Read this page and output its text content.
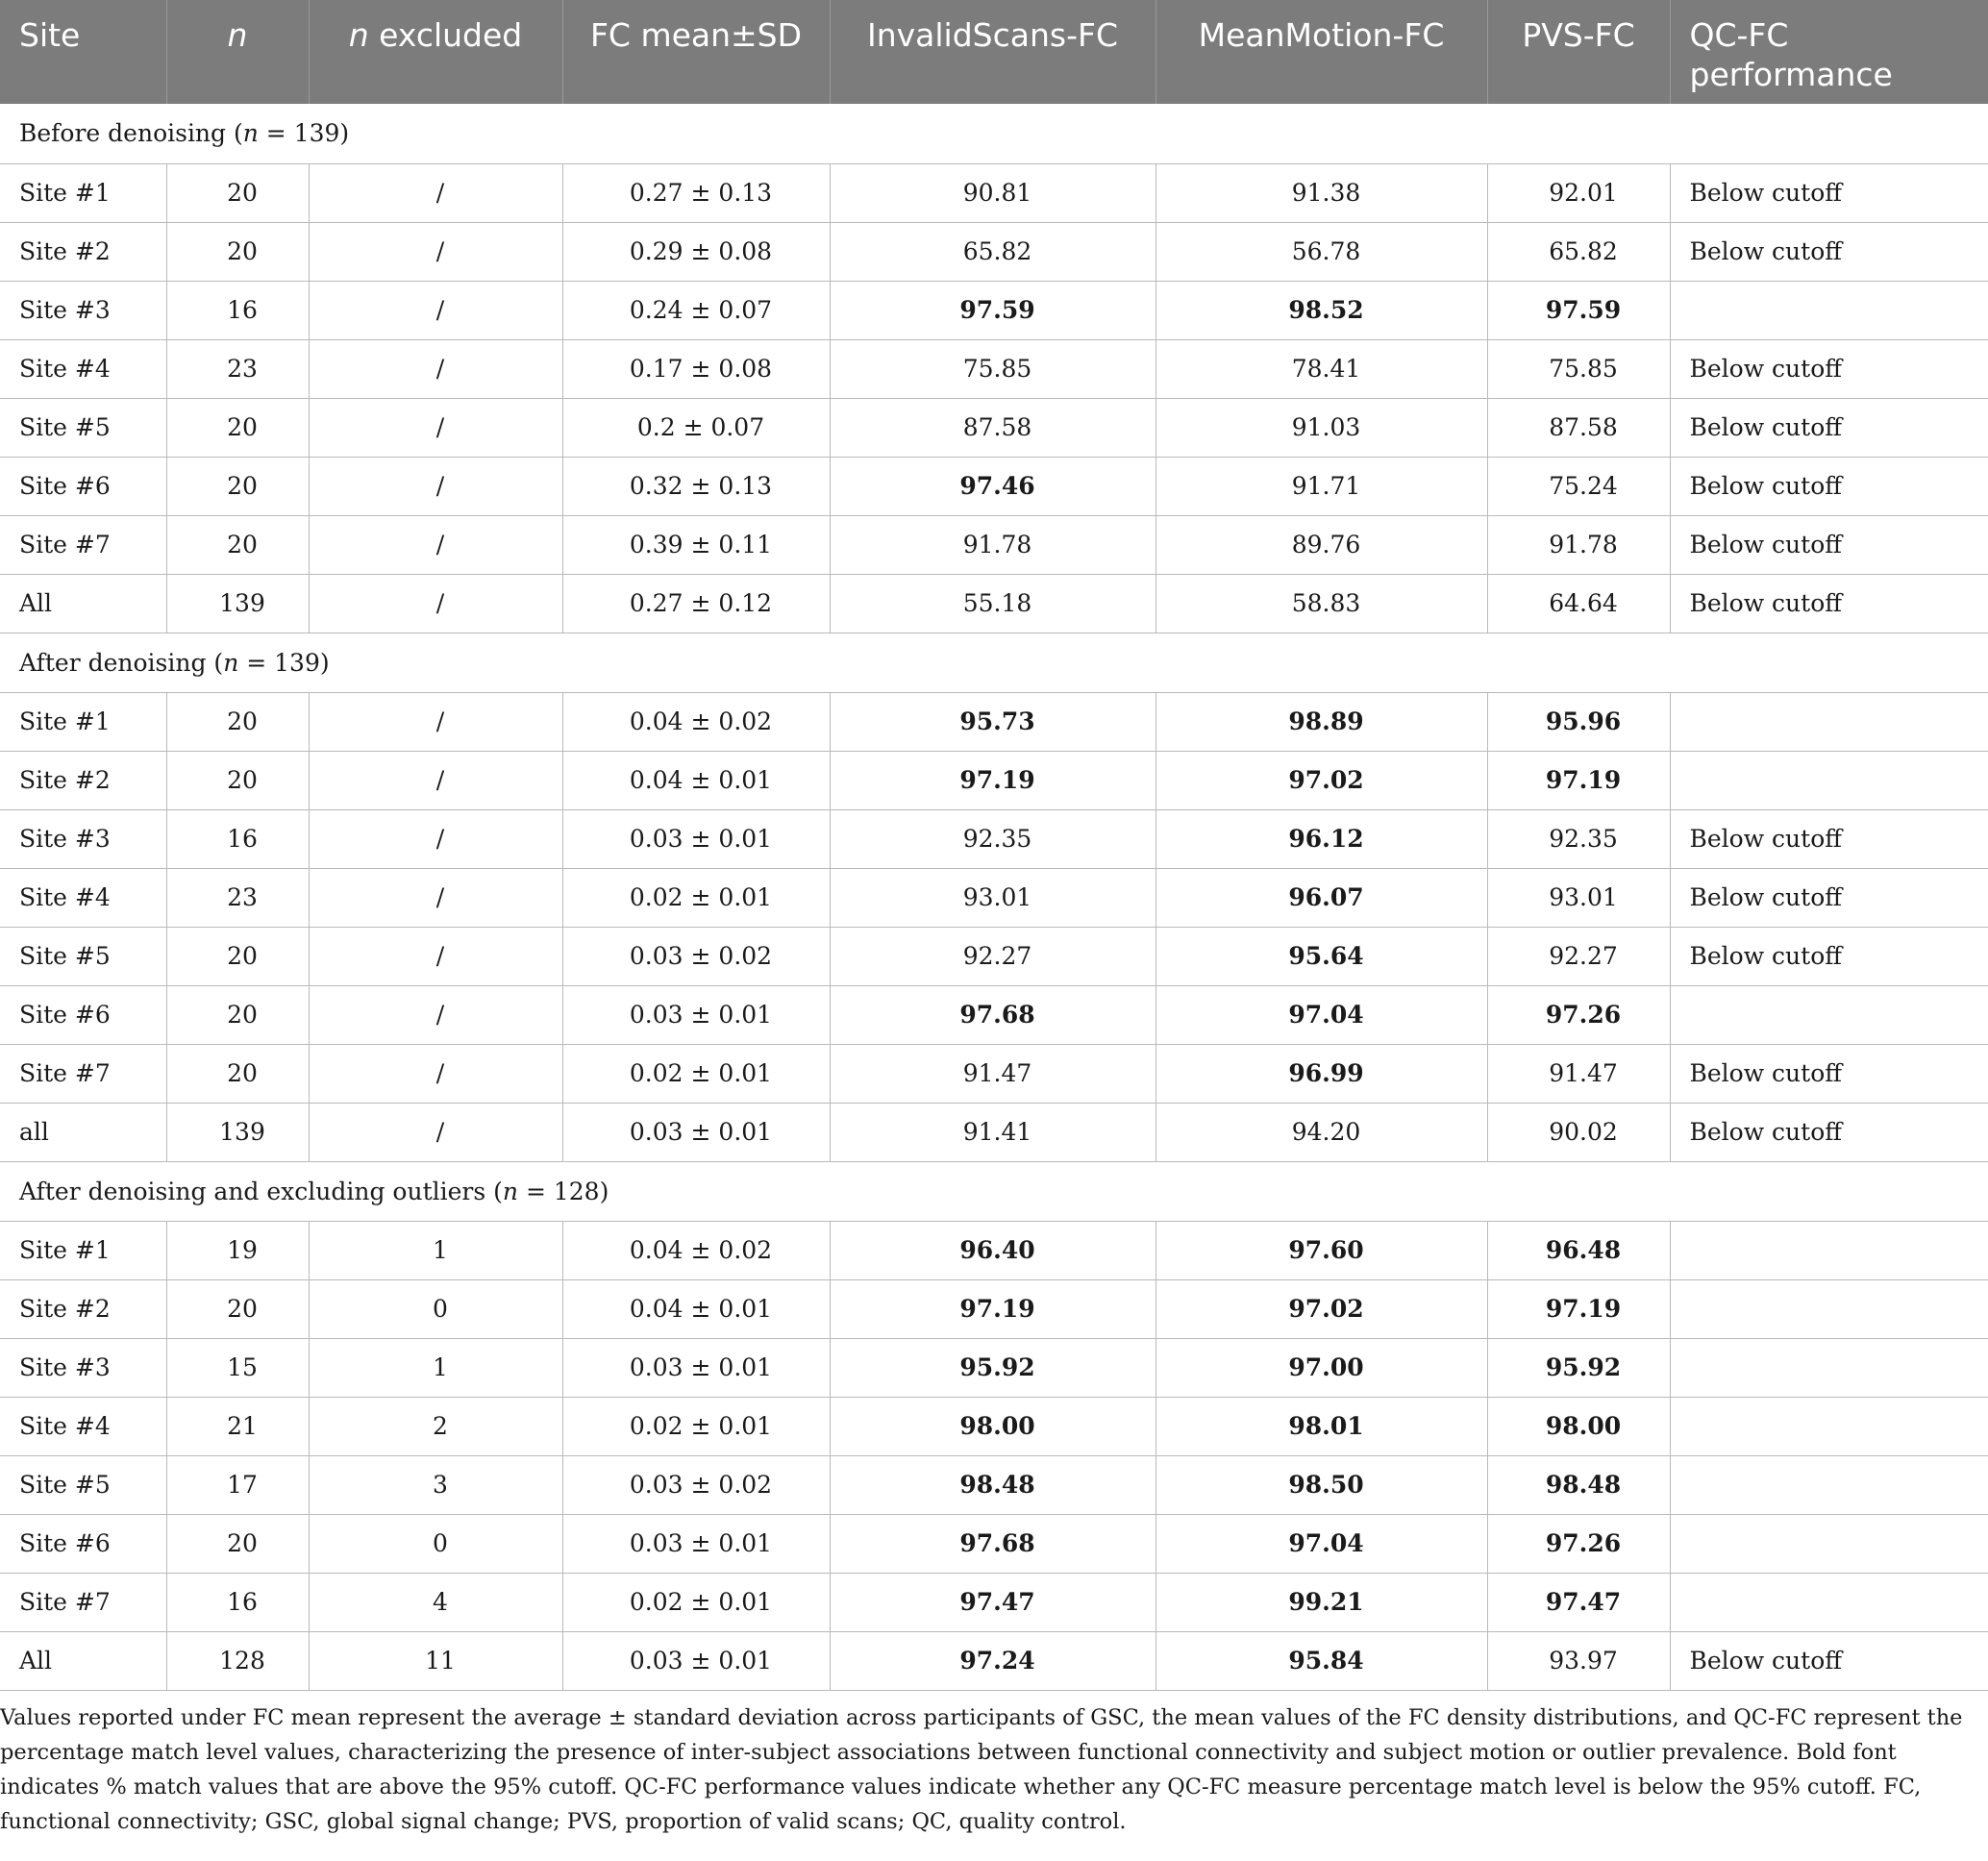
Site	n	n excluded	FC mean±SD	InvalidScans-FC	MeanMotion-FC	PVS-FC	QC-FC performance
Before denoising (n = 139)							
Site #1	20	/	0.27 ± 0.13	90.81	91.38	92.01	Below cutoff
Site #2	20	/	0.29 ± 0.08	65.82	56.78	65.82	Below cutoff
Site #3	16	/	0.24 ± 0.07	97.59	98.52	97.59	
Site #4	23	/	0.17 ± 0.08	75.85	78.41	75.85	Below cutoff
Site #5	20	/	0.2 ± 0.07	87.58	91.03	87.58	Below cutoff
Site #6	20	/	0.32 ± 0.13	97.46	91.71	75.24	Below cutoff
Site #7	20	/	0.39 ± 0.11	91.78	89.76	91.78	Below cutoff
All	139	/	0.27 ± 0.12	55.18	58.83	64.64	Below cutoff
After denoising (n = 139)							
Site #1	20	/	0.04 ± 0.02	95.73	98.89	95.96	
Site #2	20	/	0.04 ± 0.01	97.19	97.02	97.19	
Site #3	16	/	0.03 ± 0.01	92.35	96.12	92.35	Below cutoff
Site #4	23	/	0.02 ± 0.01	93.01	96.07	93.01	Below cutoff
Site #5	20	/	0.03 ± 0.02	92.27	95.64	92.27	Below cutoff
Site #6	20	/	0.03 ± 0.01	97.68	97.04	97.26	
Site #7	20	/	0.02 ± 0.01	91.47	96.99	91.47	Below cutoff
all	139	/	0.03 ± 0.01	91.41	94.20	90.02	Below cutoff
After denoising and excluding outliers (n = 128)							
Site #1	19	1	0.04 ± 0.02	96.40	97.60	96.48	
Site #2	20	0	0.04 ± 0.01	97.19	97.02	97.19	
Site #3	15	1	0.03 ± 0.01	95.92	97.00	95.92	
Site #4	21	2	0.02 ± 0.01	98.00	98.01	98.00	
Site #5	17	3	0.03 ± 0.02	98.48	98.50	98.48	
Site #6	20	0	0.03 ± 0.01	97.68	97.04	97.26	
Site #7	16	4	0.02 ± 0.01	97.47	99.21	97.47	
All	128	11	0.03 ± 0.01	97.24	95.84	93.97	Below cutoff

Values reported under FC mean represent the average ± standard deviation across participants of GSC, the mean values of the FC density distributions, and QC-FC represent the percentage match level values, characterizing the presence of inter-subject associations between functional connectivity and subject motion or outlier prevalence. Bold font indicates % match values that are above the 95% cutoff. QC-FC performance values indicate whether any QC-FC measure percentage match level is below the 95% cutoff. FC, functional connectivity; GSC, global signal change; PVS, proportion of valid scans; QC, quality control.
